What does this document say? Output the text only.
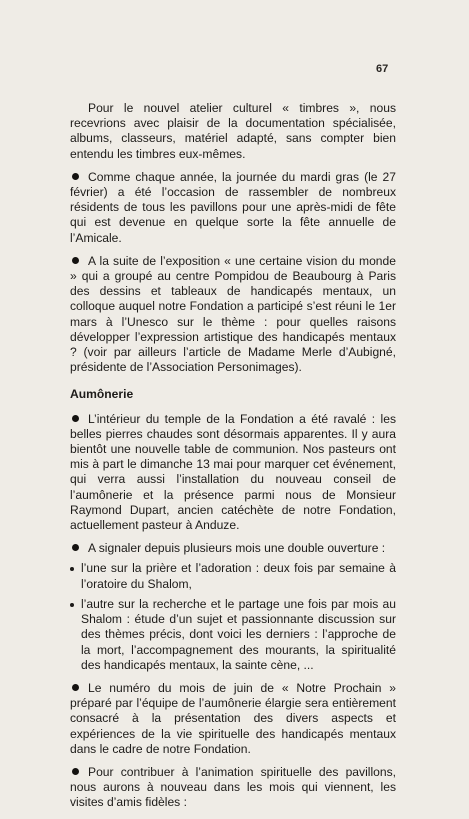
67

Pour le nouvel atelier culturel « timbres », nous recevrions avec plaisir de la documentation spécialisée, albums, classeurs, matériel adapté, sans compter bien entendu les timbres eux-mêmes.

Comme chaque année, la journée du mardi gras (le 27 février) a été l’occasion de rassembler de nombreux résidents de tous les pavillons pour une après-midi de fête qui est devenue en quelque sorte la fête annuelle de l’Amicale.

A la suite de l’exposition « une certaine vision du monde » qui a groupé au centre Pompidou de Beaubourg à Paris des dessins et tableaux de handicapés mentaux, un colloque auquel notre Fondation a participé s’est réuni le 1er mars à l’Unesco sur le thème : pour quelles raisons développer l’expression artistique des handicapés mentaux ? (voir par ailleurs l’article de Madame Merle d’Aubigné, présidente de l’Association Personimages).

Aumônerie

L’intérieur du temple de la Fondation a été ravalé : les belles pierres chaudes sont désormais apparentes. Il y aura bientôt une nouvelle table de communion. Nos pasteurs ont mis à part le dimanche 13 mai pour marquer cet événement, qui verra aussi l’installation du nouveau conseil de l’aumônerie et la présence parmi nous de Monsieur Raymond Dupart, ancien catéchète de notre Fondation, actuellement pasteur à Anduze.

A signaler depuis plusieurs mois une double ouverture :

l’une sur la prière et l’adoration : deux fois par semaine à l’oratoire du Shalom,
l’autre sur la recherche et le partage une fois par mois au Shalom : étude d’un sujet et passionnante discussion sur des thèmes précis, dont voici les derniers : l’approche de la mort, l’accompagnement des mourants, la spiritualité des handicapés mentaux, la sainte cène, ...

Le numéro du mois de juin de « Notre Prochain » préparé par l’équipe de l’aumônerie élargie sera entièrement consacré à la présentation des divers aspects et expériences de la vie spirituelle des handicapés mentaux dans le cadre de notre Fondation.

Pour contribuer à l’animation spirituelle des pavillons, nous aurons à nouveau dans les mois qui viennent, les visites d’amis fidèles :
